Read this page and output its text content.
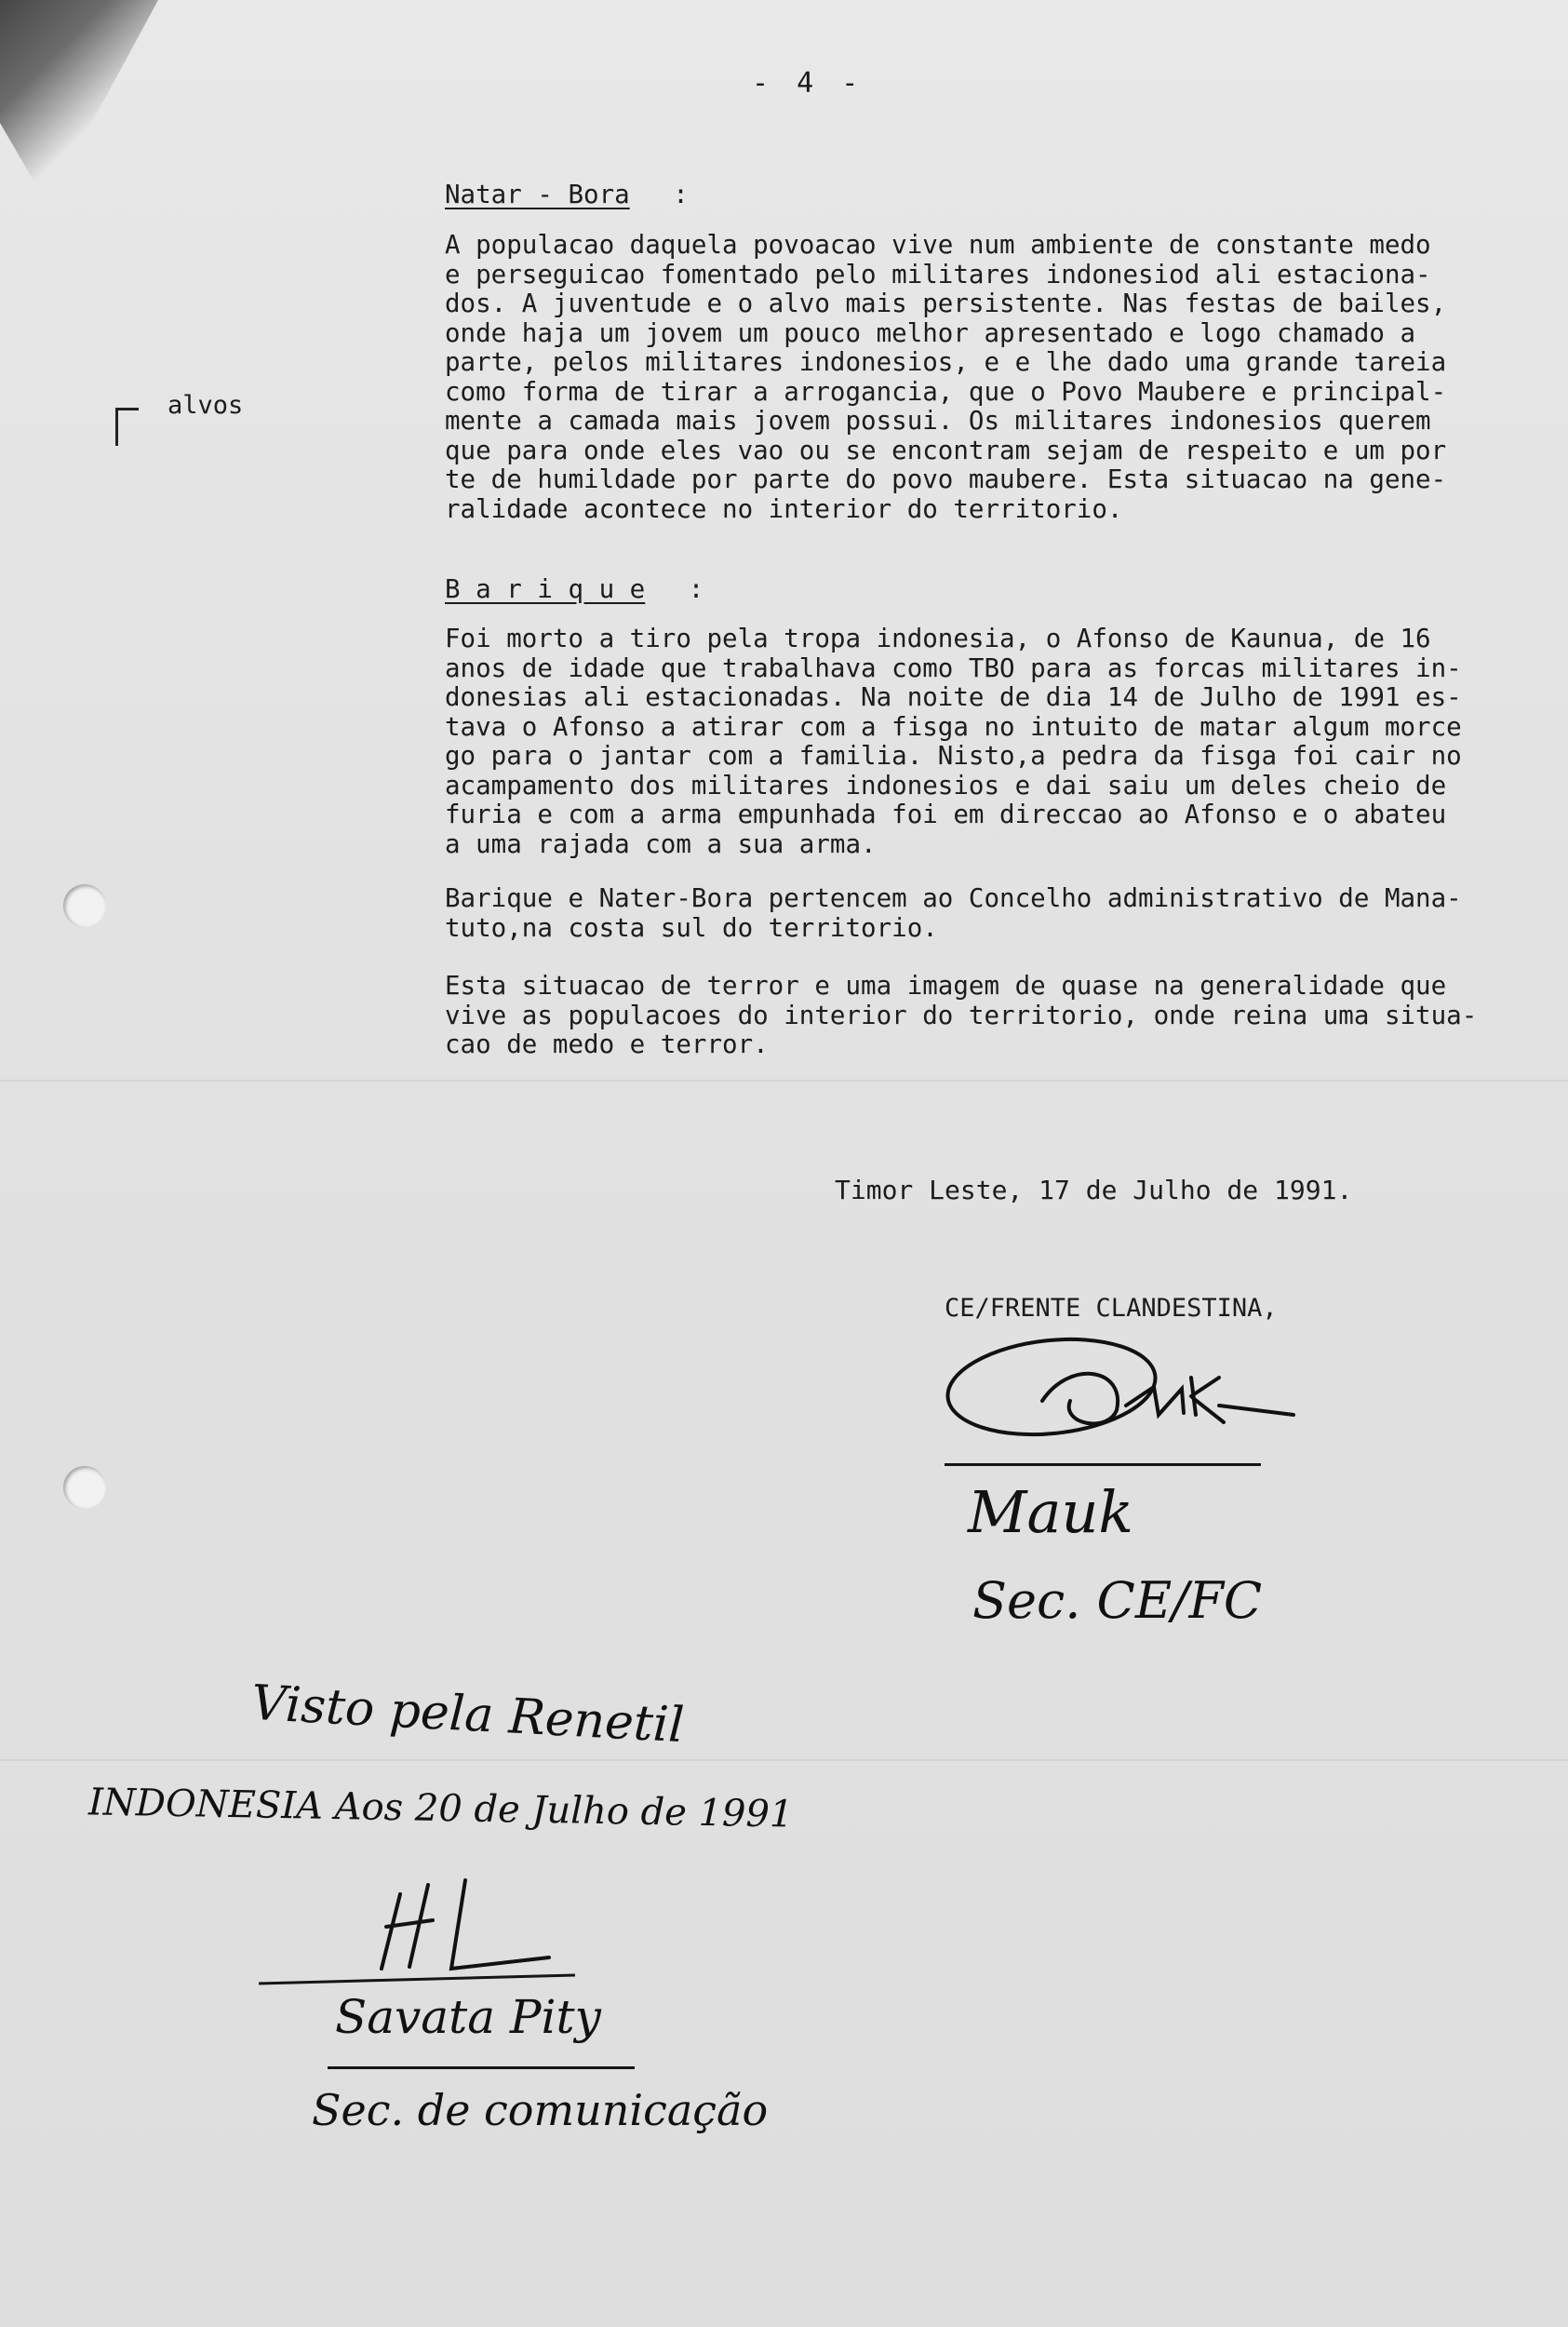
- 4 -
Natar - Bora :
alvos

A populacao daquela povoacao vive num ambiente de constante medo

e perseguicao fomentado pelo militares indonesiod ali estaciona-

dos. A juventude e o alvo mais persistente. Nas festas de bailes,

onde haja um jovem um pouco melhor apresentado e logo chamado a

parte, pelos militares indonesios, e e lhe dado uma grande tareia

como forma de tirar a arrogancia, que o Povo Maubere e principal-

mente a camada mais jovem possui. Os militares indonesios querem

que para onde eles vao ou se encontram sejam de respeito e um por

te de humildade por parte do povo maubere. Esta situacao na gene-

ralidade acontece no interior do territorio.

B a r i q u e :

Foi morto a tiro pela tropa indonesia, o Afonso de Kaunua, de 16

anos de idade que trabalhava como TBO para as forcas militares in-

donesias ali estacionadas. Na noite de dia 14 de Julho de 1991 es-

tava o Afonso a atirar com a fisga no intuito de matar algum morce

go para o jantar com a familia. Nisto,a pedra da fisga foi cair no

acampamento dos militares indonesios e dai saiu um deles cheio de

furia e com a arma empunhada foi em direccao ao Afonso e o abateu

a uma rajada com a sua arma.

Barique e Nater-Bora pertencem ao Concelho administrativo de Mana-

tuto,na costa sul do territorio.

Esta situacao de terror e uma imagem de quase na generalidade que

vive as populacoes do interior do territorio, onde reina uma situa-

cao de medo e terror.

Timor Leste, 17 de Julho de 1991.
CE/FRENTE CLANDESTINA,
Mauk
Sec. CE/FC
Visto pela Renetil
INDONESIA Aos 20 de Julho de 1991
Savata Pity
Sec. de comunicação
